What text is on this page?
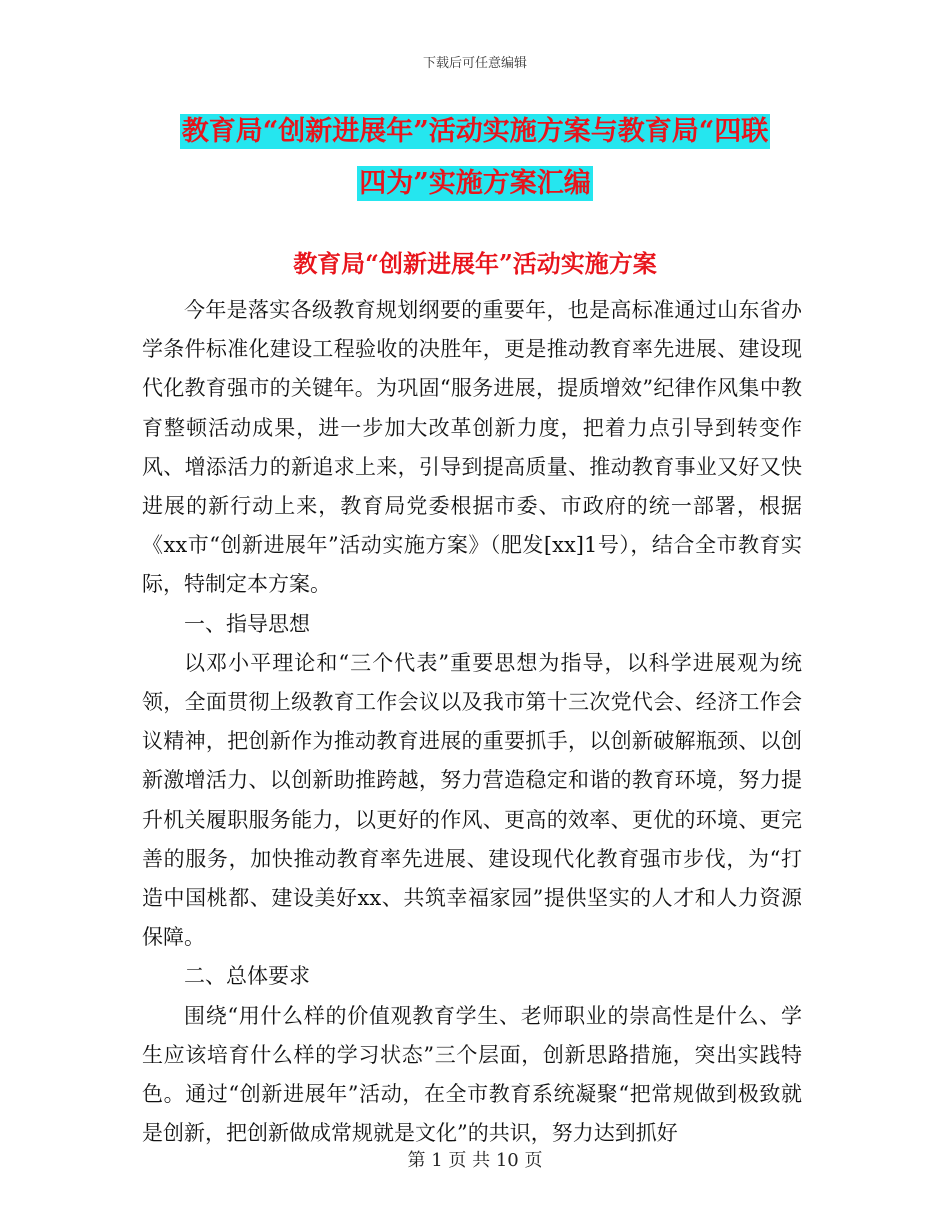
下载后可任意编辑
教育局“创新进展年”活动实施方案与教育局“四联
四为”实施方案汇编
教育局“创新进展年”活动实施方案

今年是落实各级教育规划纲要的重要年，也是高标准通过山东省办学条件标准化建设工程验收的决胜年，更是推动教育率先进展、建设现代化教育强市的关键年。为巩固“服务进展，提质增效”纪律作风集中教育整顿活动成果，进一步加大改革创新力度，把着力点引导到转变作风、增添活力的新追求上来，引导到提高质量、推动教育事业又好又快进展的新行动上来，教育局党委根据市委、市政府的统一部署，根据《xx市“创新进展年”活动实施方案》（肥发[xx]1号），结合全市教育实际，特制定本方案。

一、指导思想

以邓小平理论和“三个代表”重要思想为指导，以科学进展观为统领，全面贯彻上级教育工作会议以及我市第十三次党代会、经济工作会议精神，把创新作为推动教育进展的重要抓手，以创新破解瓶颈、以创新激增活力、以创新助推跨越，努力营造稳定和谐的教育环境，努力提升机关履职服务能力，以更好的作风、更高的效率、更优的环境、更完善的服务，加快推动教育率先进展、建设现代化教育强市步伐，为“打造中国桃都、建设美好xx、共筑幸福家园”提供坚实的人才和人力资源保障。

二、总体要求

围绕“用什么样的价值观教育学生、老师职业的崇高性是什么、学生应该培育什么样的学习状态”三个层面，创新思路措施，突出实践特色。通过“创新进展年”活动，在全市教育系统凝聚“把常规做到极致就是创新，把创新做成常规就是文化”的共识，努力达到抓好

第 1 页 共 10 页
